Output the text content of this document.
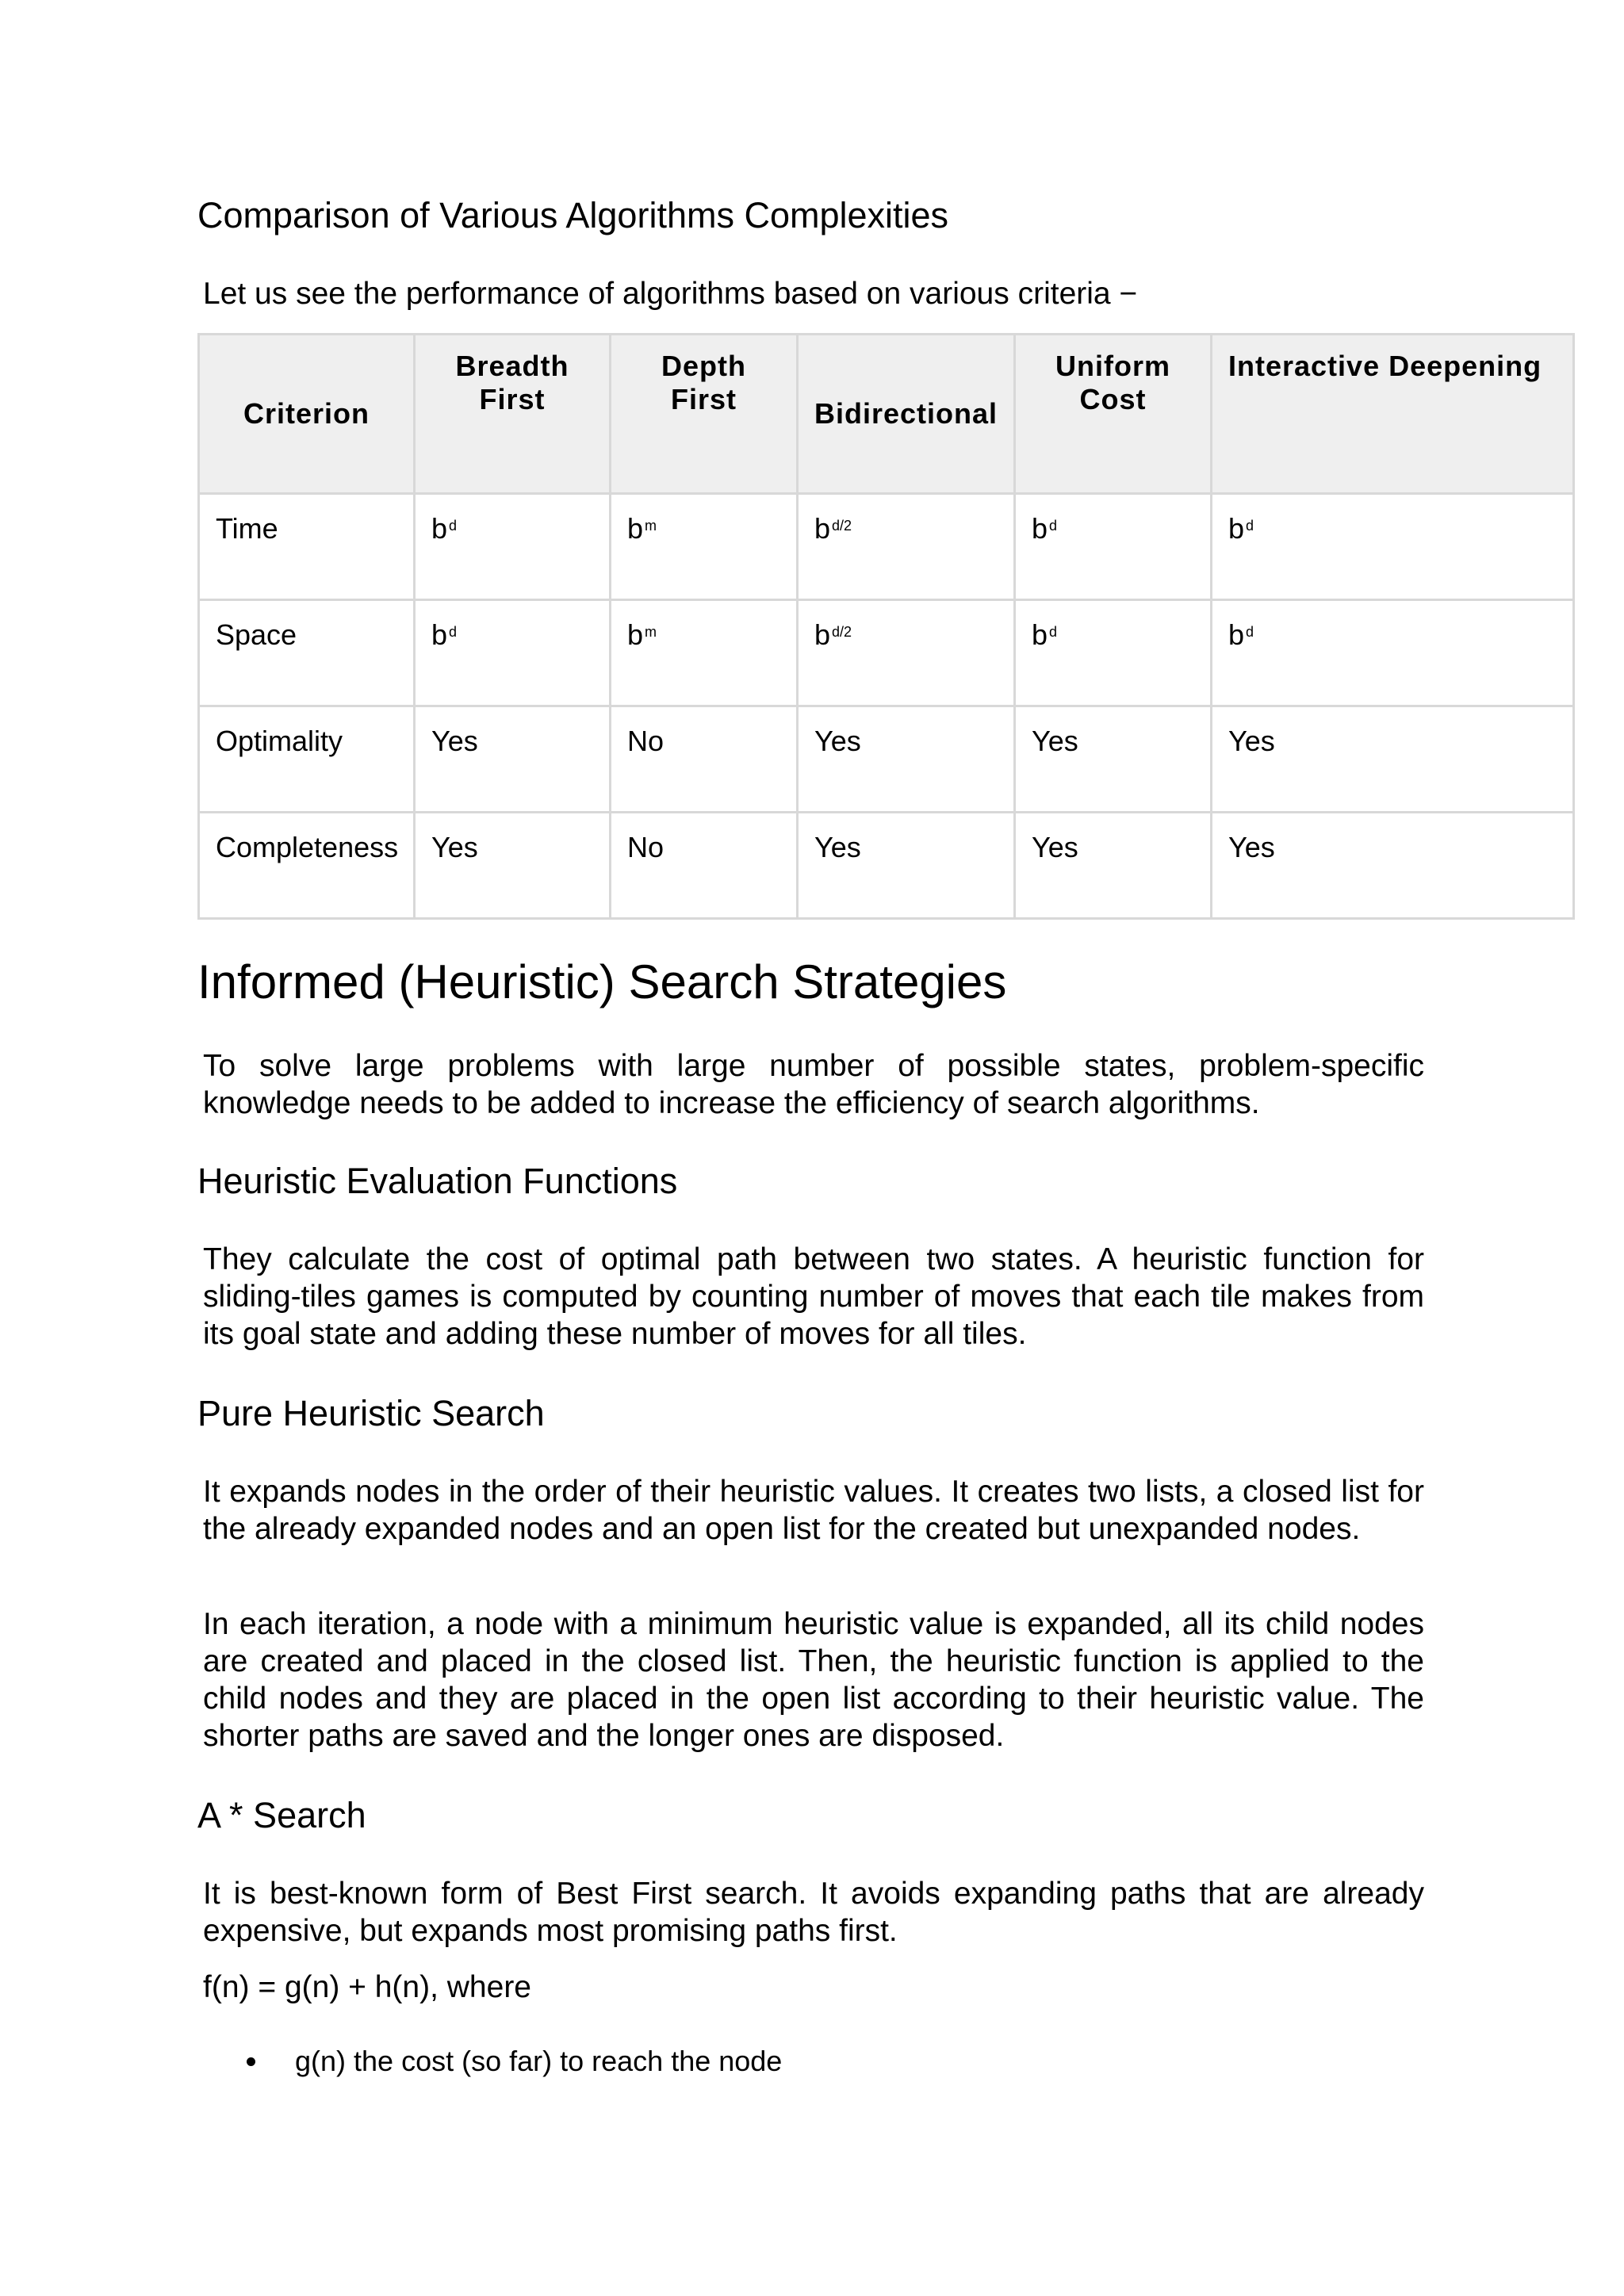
Comparison of Various Algorithms Complexities

Let us see the performance of algorithms based on various criteria −

Criterion	Breadth First	Depth First	Bidirectional	Uniform Cost	Interactive Deepening
Time	b $^d$	b $^m$	b $^{d/2}$	b $^d$	b $^d$
Space	b $^d$	b $^m$	b $^{d/2}$	b $^d$	b $^d$
Optimality	Yes	No	Yes	Yes	Yes
Completeness	Yes	No	Yes	Yes	Yes
Informed (Heuristic) Search Strategies

To solve large problems with large number of possible states, problem-specific knowledge needs to be added to increase the efficiency of search algorithms.

Heuristic Evaluation Functions

They calculate the cost of optimal path between two states. A heuristic function for sliding-tiles games is computed by counting number of moves that each tile makes from its goal state and adding these number of moves for all tiles.

Pure Heuristic Search

It expands nodes in the order of their heuristic values. It creates two lists, a closed list for the already expanded nodes and an open list for the created but unexpanded nodes.

In each iteration, a node with a minimum heuristic value is expanded, all its child nodes are created and placed in the closed list. Then, the heuristic function is applied to the child nodes and they are placed in the open list according to their heuristic value. The shorter paths are saved and the longer ones are disposed.

A * Search

It is best-known form of Best First search. It avoids expanding paths that are already expensive, but expands most promising paths first.

f(n) = g(n) + h(n), where

g(n) the cost (so far) to reach the node
